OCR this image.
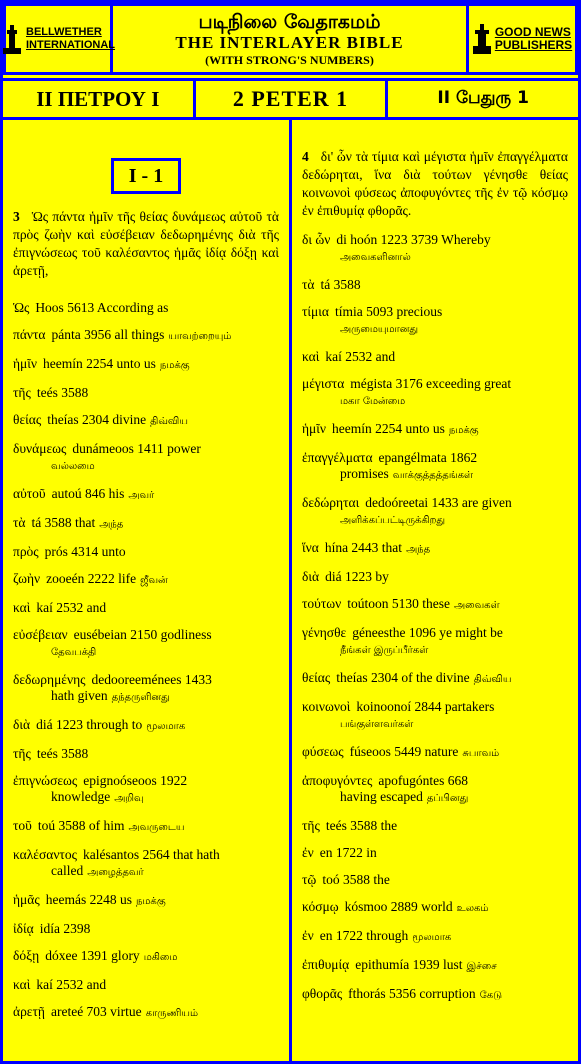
BELLWETHER
INTERNATIONAL
படிநிலை வேதாகமம்
THE INTERLAYER BIBLE
(WITH STRONG'S NUMBERS)
GOOD NEWS
PUBLISHERS
ΙΙ ΠΕΤΡΟΥ Ι	2 PETER 1	II பேதுரு 1
I - 1
3 Ὡς πάντα ἡμῖν τῆς θείας δυνάμεως αὐτοῦ τὰ πρὸς ζωὴν καὶ εὐσέβειαν δεδωρημένης διὰ τῆς ἐπιγνώσεως τοῦ καλέσαντος ἡμᾶς ἰδίᾳ δόξῃ καὶ ἀρετῇ,
Ὡς Hoos 5613 According as
πάντα pánta 3956 all things யாவற்றையும்
ἡμῖν heemín 2254 unto us நமக்கு
τῆς teés 3588
θείας theías 2304 divine திவ்விய
δυνάμεως dunámeoos 1411 power
வல்லமை
αὐτοῦ autoú 846 his அவர்
τὰ tá 3588 that அந்த
πρὸς prós 4314 unto
ζωὴν zooeén 2222 life ஜீவன்
καὶ kaí 2532 and
εὐσέβειαν eusébeian 2150 godliness
தேவபக்தி
δεδωρημένης dedooreeménees 1433
hath given தந்தருளினது
διὰ diá 1223 through to மூலமாக
τῆς teés 3588
ἐπιγνώσεως epignoóseoos 1922
knowledge அறிவு
τοῦ toú 3588 of him அவருடைய
καλέσαντος kalésantos 2564 that hath
called அழைத்தவர்
ἡμᾶς heemás 2248 us நமக்கு
ἰδίᾳ idía 2398
δόξῃ dóxee 1391 glory மகிமை
καὶ kaí 2532 and
ἀρετῇ areteé 703 virtue காருணியம்
4 δι' ὧν τὰ τίμια καὶ μέγιστα ἡμῖν ἐπαγγέλματα δεδώρηται, ἵνα διὰ τούτων γένησθε θείας κοινωνοὶ φύσεως ἀποφυγόντες τῆς ἐν τῷ κόσμῳ ἐν ἐπιθυμίᾳ φθορᾶς.
δι ὧν di hoón 1223 3739 Whereby
அவைகளினால்
τὰ tá 3588
τίμια tímia 5093 precious
அருமையுமானது
καὶ kaí 2532 and
μέγιστα mégista 3176 exceeding great
மகா மேன்மை
ἡμῖν heemín 2254 unto us நமக்கு
ἐπαγγέλματα epangélmata 1862
promises வாக்குத்தத்தங்கள்
δεδώρηται dedoóreetai 1433 are given
அளிக்கப்பட்டிருக்கிறது
ἵνα hína 2443 that அந்த
διὰ diá 1223 by
τούτων toútoon 5130 these அவைகள்
γένησθε géneesthe 1096 ye might be
நீங்கள் இருப்பீர்கள்
θείας theías 2304 of the divine திவ்விய
κοινωνοὶ koinoonoí 2844 partakers
பங்குள்ளவர்கள்
φύσεως fúseoos 5449 nature சுபாவம்
ἀποφυγόντες apofugóntes 668
having escaped தப்பினது
τῆς teés 3588 the
ἐν en 1722 in
τῷ toó 3588 the
κόσμῳ kósmoo 2889 world உலகம்
ἐν en 1722 through மூலமாக
ἐπιθυμίᾳ epithumía 1939 lust இச்சை
φθορᾶς fthorás 5356 corruption கேடு
